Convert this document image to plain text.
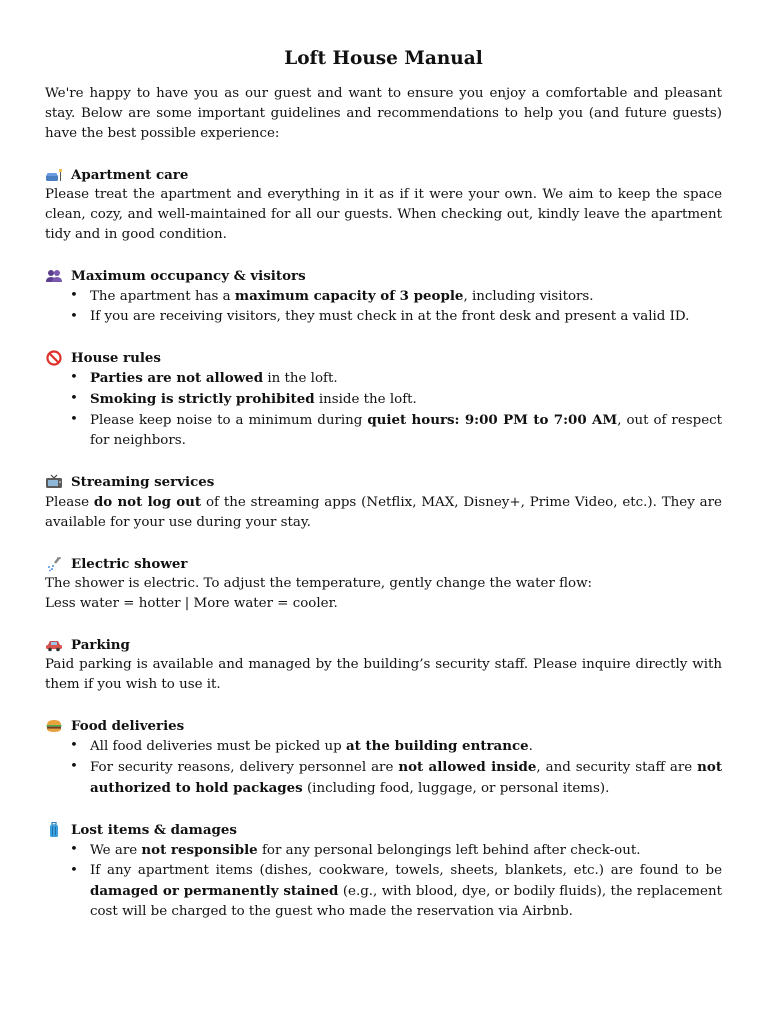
Loft House Manual

We're happy to have you as our guest and want to ensure you enjoy a comfortable and pleasant stay. Below are some important guidelines and recommendations to help you (and future guests) have the best possible experience:

Apartment care

Please treat the apartment and everything in it as if it were your own. We aim to keep the space clean, cozy, and well-maintained for all our guests. When checking out, kindly leave the apartment tidy and in good condition.

Maximum occupancy & visitors
• The apartment has a maximum capacity of 3 people, including visitors.
• If you are receiving visitors, they must check in at the front desk and present a valid ID.
House rules
• Parties are not allowed in the loft.
• Smoking is strictly prohibited inside the loft.
• Please keep noise to a minimum during quiet hours: 9:00 PM to 7:00 AM, out of respect for neighbors.
Streaming services

Please do not log out of the streaming apps (Netflix, MAX, Disney+, Prime Video, etc.). They are available for your use during your stay.

Electric shower

The shower is electric. To adjust the temperature, gently change the water flow:

Less water = hotter | More water = cooler.

Parking

Paid parking is available and managed by the building’s security staff. Please inquire directly with them if you wish to use it.

Food deliveries
• All food deliveries must be picked up at the building entrance.
• For security reasons, delivery personnel are not allowed inside, and security staff are not authorized to hold packages (including food, luggage, or personal items).
Lost items & damages
• We are not responsible for any personal belongings left behind after check-out.
• If any apartment items (dishes, cookware, towels, sheets, blankets, etc.) are found to be damaged or permanently stained (e.g., with blood, dye, or bodily fluids), the replacement cost will be charged to the guest who made the reservation via Airbnb.
